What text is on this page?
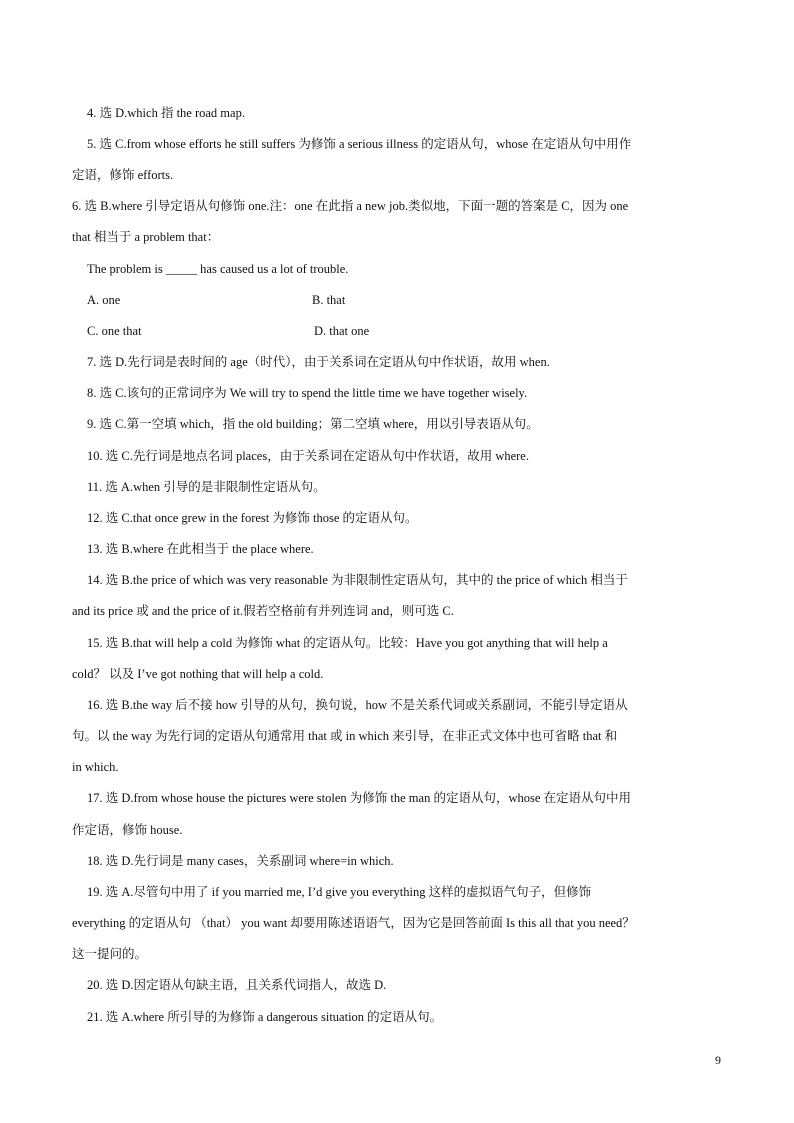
4. 选 D.which 指 the road map.
5. 选 C.from whose efforts he still suffers 为修饰 a serious illness 的定语从句，whose 在定语从句中用作
定语，修饰 efforts.
6. 选 B.where 引导定语从句修饰 one.注：one 在此指 a new job.类似地，下面一题的答案是 C，因为 one
that 相当于 a problem that：
The problem is _____ has caused us a lot of trouble.
A. one	B. that
C. one that	D. that one
7. 选 D.先行词是表时间的 age（时代），由于关系词在定语从句中作状语，故用 when.
8. 选 C.该句的正常词序为 We will try to spend the little time we have together wisely.
9. 选 C.第一空填 which，指 the old building；第二空填 where，用以引导表语从句。
10. 选 C.先行词是地点名词 places，由于关系词在定语从句中作状语，故用 where.
11. 选 A.when 引导的是非限制性定语从句。
12. 选 C.that once grew in the forest 为修饰 those 的定语从句。
13. 选 B.where 在此相当于 the place where.
14. 选 B.the price of which was very reasonable 为非限制性定语从句，其中的 the price of which 相当于
and its price 或 and the price of it.假若空格前有并列连词 and，则可选 C.
15. 选 B.that will help a cold 为修饰 what 的定语从句。比较：Have you got anything that will help a
cold？ 以及 I’ve got nothing that will help a cold.
16. 选 B.the way 后不接 how 引导的从句，换句说，how 不是关系代词或关系副词，不能引导定语从
句。以 the way 为先行词的定语从句通常用 that 或 in which 来引导，在非正式文体中也可省略 that 和
in which.
17. 选 D.from whose house the pictures were stolen 为修饰 the man 的定语从句，whose 在定语从句中用
作定语，修饰 house.
18. 选 D.先行词是 many cases，关系副词 where=in which.
19. 选 A.尽管句中用了 if you married me, I’d give you everything 这样的虚拟语气句子，但修饰
everything 的定语从句 （that） you want 却要用陈述语语气，因为它是回答前面 Is this all that you need？
这一提问的。
20. 选 D.因定语从句缺主语，且关系代词指人，故选 D.
21. 选 A.where 所引导的为修饰 a dangerous situation 的定语从句。
9
